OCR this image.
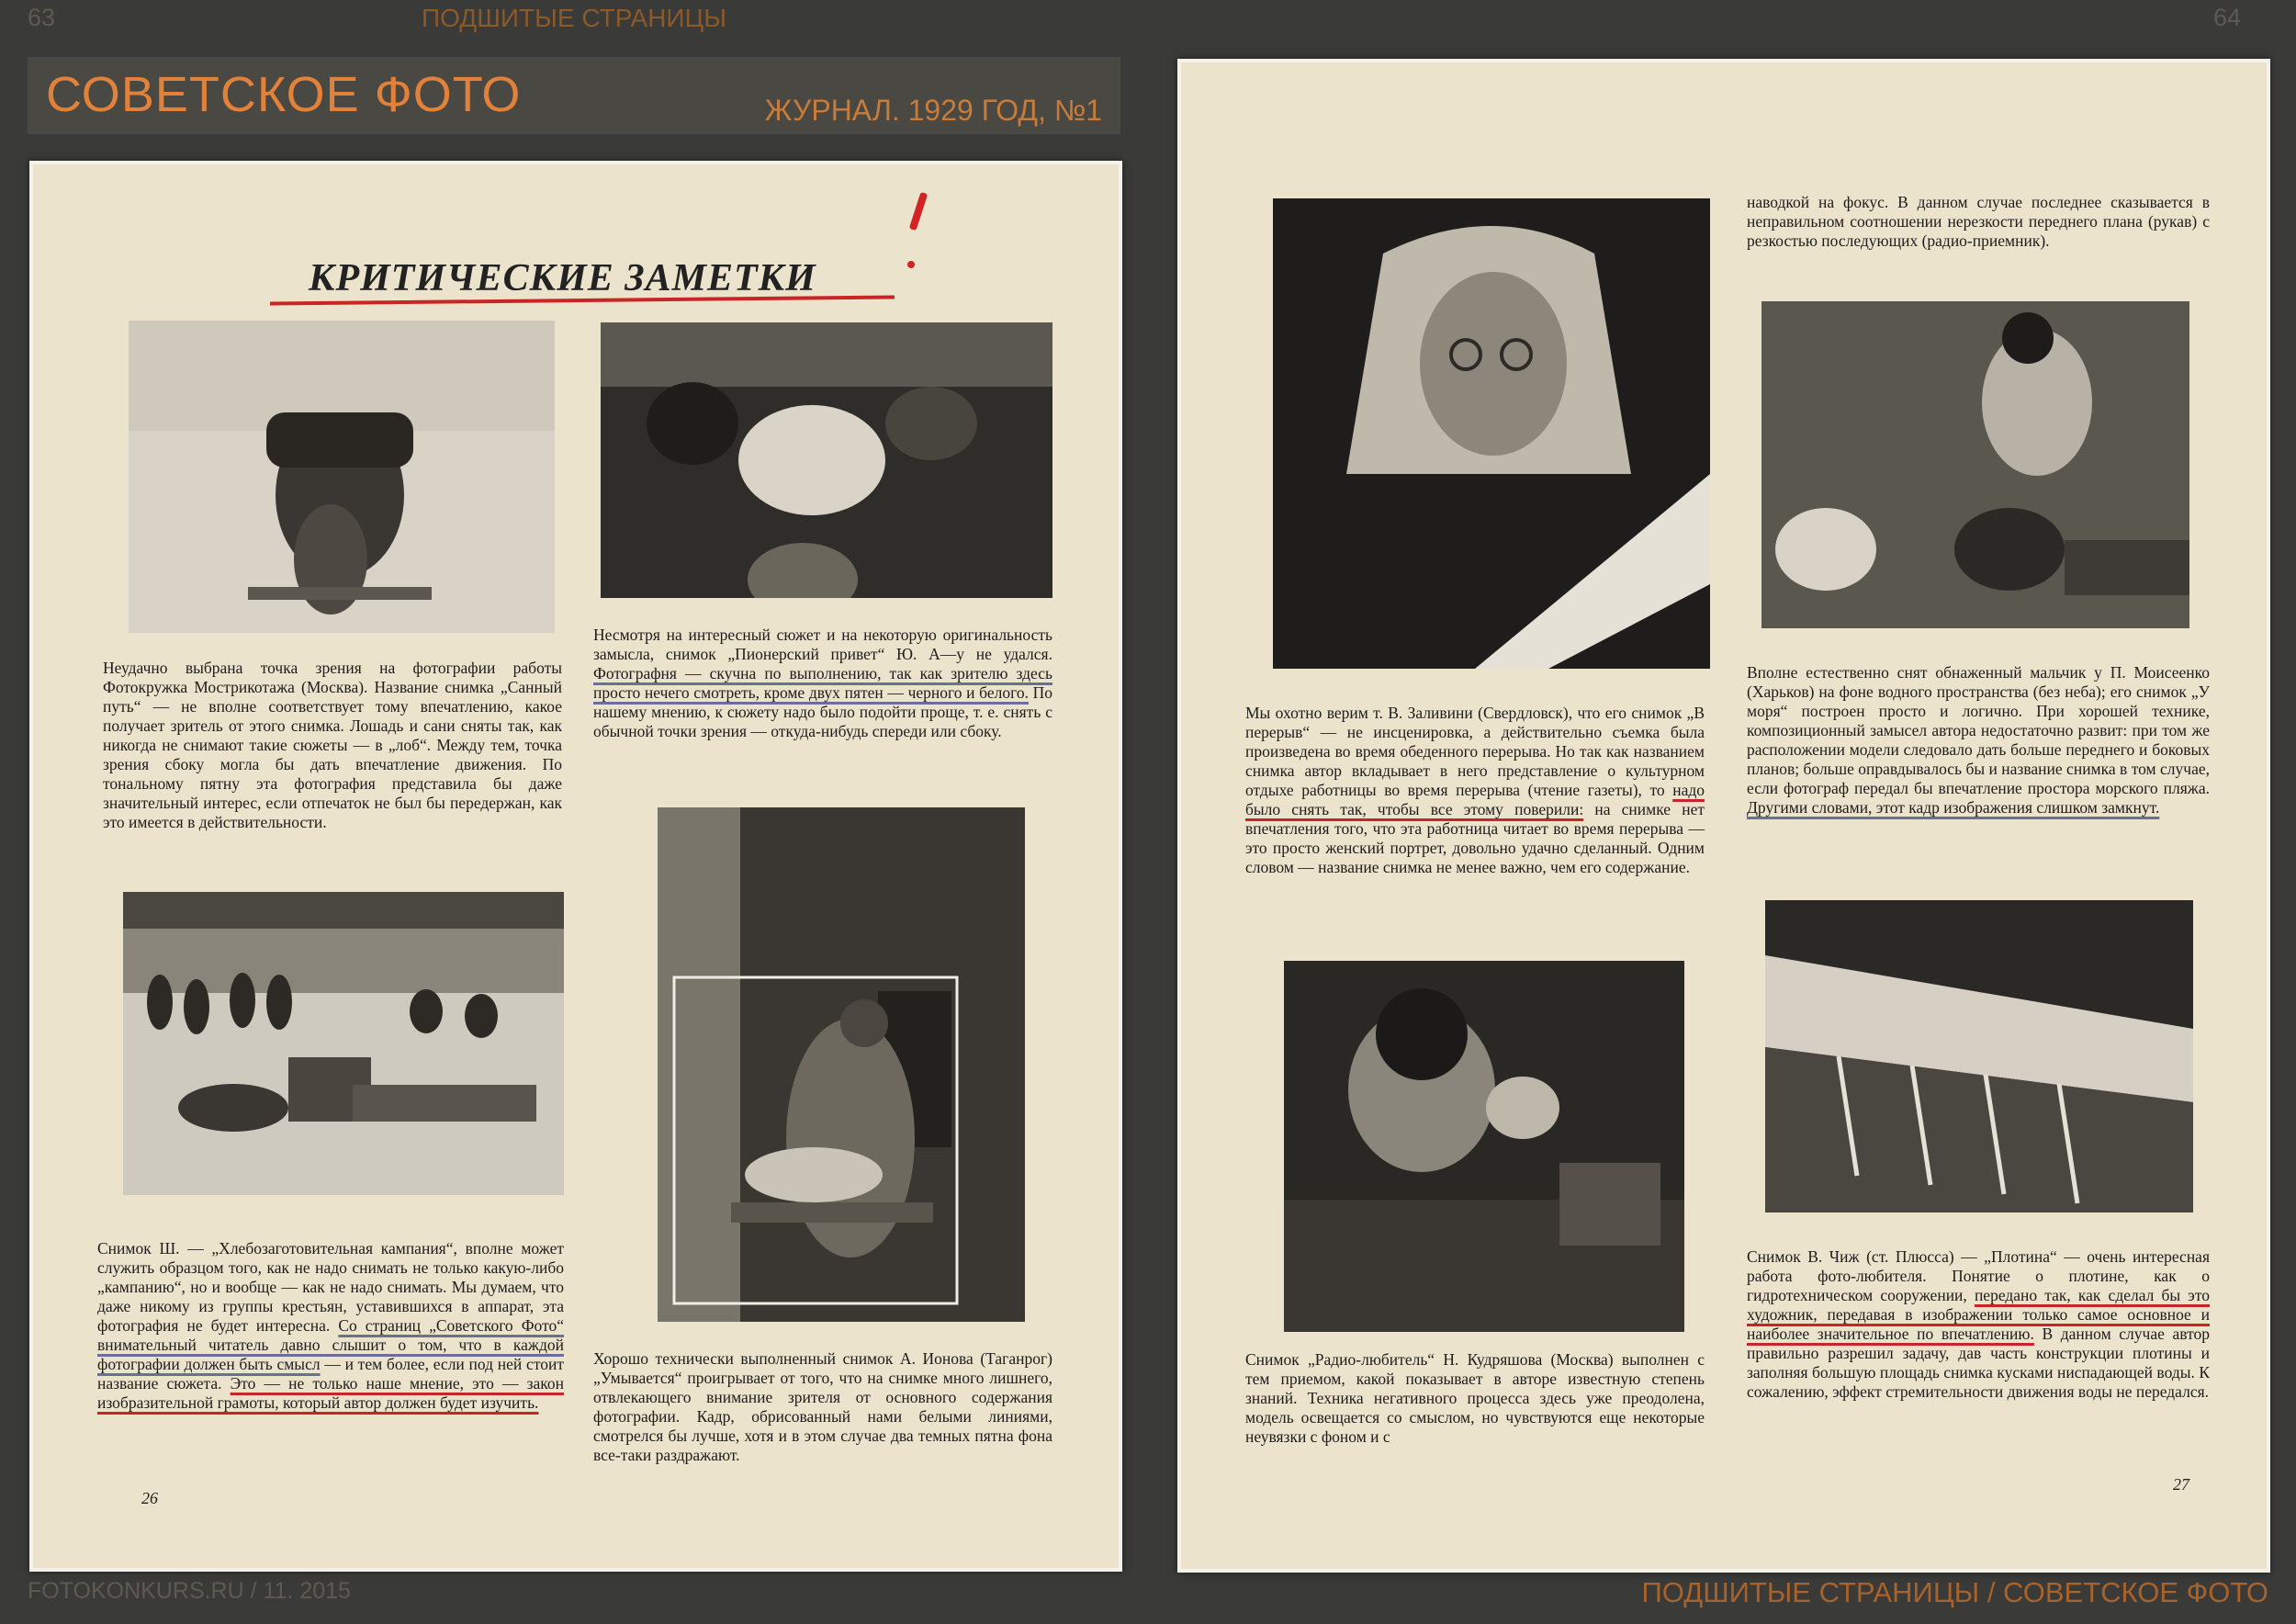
63	ПОДШИТЫЕ СТРАНИЦЫ	64
СОВЕТСКОЕ ФОТО	ЖУРНАЛ. 1929 ГОД, №1
КРИТИЧЕСКИЕ ЗАМЕТКИ

Неудачно выбрана точка зрения на фотографии работы Фотокружка Мострикотажа (Москва). Название снимка „Санный путь“ — не вполне соответствует тому впечатлению, какое получает зритель от этого снимка. Лошадь и сани сняты так, как никогда не снимают такие сюжеты — в „лоб“. Между тем, точка зрения сбоку могла бы дать впечатление движения. По тональному пятну эта фотография представила бы даже значительный интерес, если отпечаток не был бы передержан, как это имеется в действительности.

Несмотря на интересный сюжет и на некоторую оригинальность замысла, снимок „Пионерский привет“ Ю. А—у не удался. Фотографня — скучна по выполнению, так как зрителю здесь просто нечего смотреть, кроме двух пятен — черного и белого. По нашему мнению, к сюжету надо было подойти проще, т. е. снять с обычной точки зрения — откуда-нибудь спереди или сбоку.

Снимок Ш. — „Хлебозаготовительная кампания“, вполне может служить образцом того, как не надо снимать не только какую-либо „кампанию“, но и вообще — как не надо снимать. Мы думаем, что даже никому из группы крестьян, уставившихся в аппарат, эта фотография не будет интересна. Со страниц „Советского Фото“ внимательный читатель давно слышит о том, что в каждой фотографии должен быть смысл — и тем более, если под ней стоит название сюжета. Это — не только наше мнение, это — закон изобразительной грамоты, который автор должен будет изучить.

Хорошо технически выполненный снимок А. Ионова (Таганрог) „Умывается“ проигрывает от того, что на снимке много лишнего, отвлекающего внимание зрителя от основного содержания фотографии. Кадр, обрисованный нами белыми линиями, смотрелся бы лучше, хотя и в этом случае два темных пятна фона все-таки раздражают.

26

Мы охотно верим т. В. Заливини (Свердловск), что его снимок „В перерыв“ — не инсценировка, а действительно съемка была произведена во время обеденного перерыва. Но так как названием снимка автор вкладывает в него представление о культурном отдыхе работницы во время перерыва (чтение газеты), то надо было снять так, чтобы все этому поверили: на снимке нет впечатления того, что эта работница читает во время перерыва — это просто женский портрет, довольно удачно сделанный. Одним словом — название снимка не менее важно, чем его содержание.

Снимок „Радио-любитель“ Н. Кудряшова (Москва) выполнен с тем приемом, какой показывает в авторе известную степень знаний. Техника негативного процесса здесь уже преодолена, модель освещается со смыслом, но чувствуются еще некоторые неувязки с фоном и с

наводкой на фокус. В данном случае последнее сказывается в неправильном соотношении нерезкости переднего плана (рукав) с резкостью последующих (радио-приемник).

Вполне естественно снят обнаженный мальчик у П. Моисеенко (Харьков) на фоне водного пространства (без неба); его снимок „У моря“ построен просто и логично. При хорошей технике, композиционный замысел автора недостаточно развит: при том же расположении модели следовало дать больше переднего и боковых планов; больше оправдывалось бы и название снимка в том случае, если фотограф передал бы впечатление простора морского пляжа. Другими словами, этот кадр изображения слишком замкнут.

Снимок В. Чиж (ст. Плюсса) — „Плотина“ — очень интересная работа фото-любителя. Понятие о плотине, как о гидротехническом сооружении, передано так, как сделал бы это художник, передавая в изображении только самое основное и наиболее значительное по впечатлению. В данном случае автор правильно разрешил задачу, дав часть конструкции плотины и заполняя большую площадь снимка кусками ниспадающей воды. К сожалению, эффект стремительности движения воды не передался.

27
FOTOKONKURS.RU / 11. 2015	ПОДШИТЫЕ СТРАНИЦЫ / СОВЕТСКОЕ ФОТО
